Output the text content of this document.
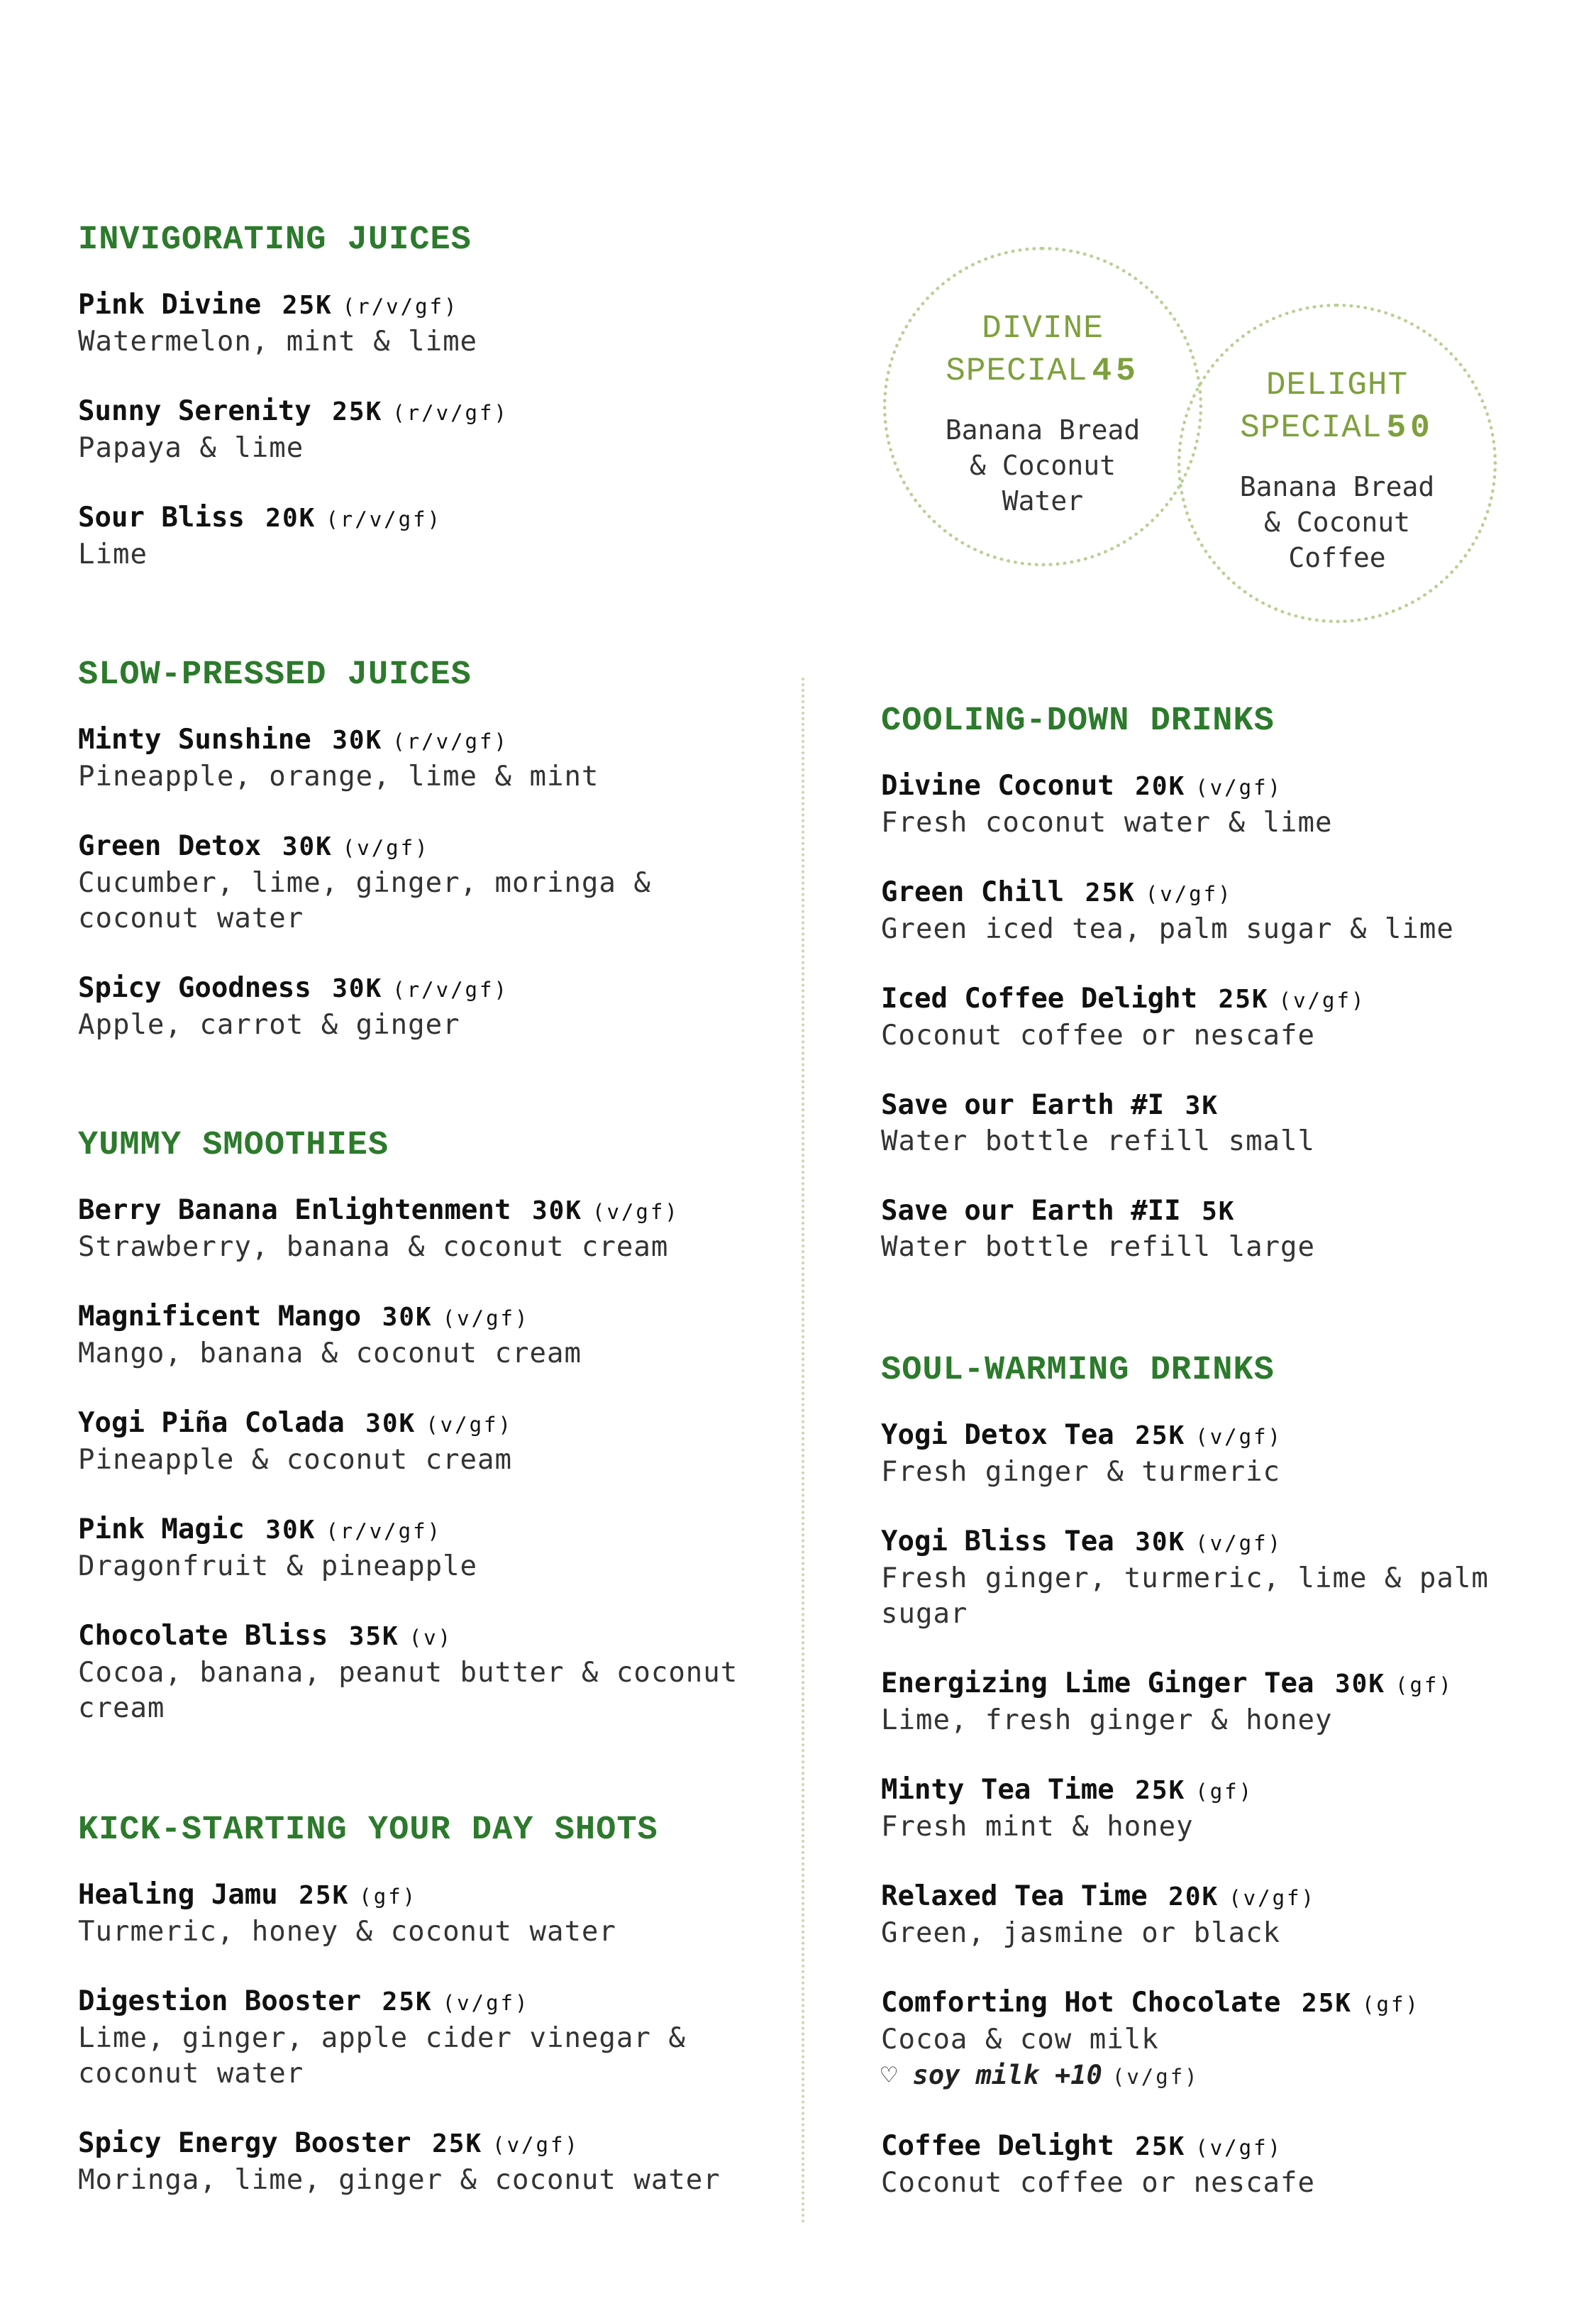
DIVINE
SPECIAL 45
Banana Bread
& Coconut
Water
DELIGHT
SPECIAL 50
Banana Bread
& Coconut
Coffee
INVIGORATING JUICES
Pink Divine 25K (r/v/gf)
Watermelon, mint & lime
Sunny Serenity 25K (r/v/gf)
Papaya & lime
Sour Bliss 20K (r/v/gf)
Lime
SLOW-PRESSED JUICES
Minty Sunshine 30K (r/v/gf)
Pineapple, orange, lime & mint
Green Detox 30K (v/gf)
Cucumber, lime, ginger, moringa & coconut water
Spicy Goodness 30K (r/v/gf)
Apple, carrot & ginger
YUMMY SMOOTHIES
Berry Banana Enlightenment 30K (v/gf)
Strawberry, banana & coconut cream
Magnificent Mango 30K (v/gf)
Mango, banana & coconut cream
Yogi Piña Colada 30K (v/gf)
Pineapple & coconut cream
Pink Magic 30K (r/v/gf)
Dragonfruit & pineapple
Chocolate Bliss 35K (v)
Cocoa, banana, peanut butter & coconut cream
KICK-STARTING YOUR DAY SHOTS
Healing Jamu 25K (gf)
Turmeric, honey & coconut water
Digestion Booster 25K (v/gf)
Lime, ginger, apple cider vinegar & coconut water
Spicy Energy Booster 25K (v/gf)
Moringa, lime, ginger & coconut water
COOLING-DOWN DRINKS
Divine Coconut 20K (v/gf)
Fresh coconut water & lime
Green Chill 25K (v/gf)
Green iced tea, palm sugar & lime
Iced Coffee Delight 25K (v/gf)
Coconut coffee or nescafe
Save our Earth #I 3K
Water bottle refill small
Save our Earth #II 5K
Water bottle refill large
SOUL-WARMING DRINKS
Yogi Detox Tea 25K (v/gf)
Fresh ginger & turmeric
Yogi Bliss Tea 30K (v/gf)
Fresh ginger, turmeric, lime & palm sugar
Energizing Lime Ginger Tea 30K (gf)
Lime, fresh ginger & honey
Minty Tea Time 25K (gf)
Fresh mint & honey
Relaxed Tea Time 20K (v/gf)
Green, jasmine or black
Comforting Hot Chocolate 25K (gf)
Cocoa & cow milk
♡ soy milk +10 (v/gf)
Coffee Delight 25K (v/gf)
Coconut coffee or nescafe
